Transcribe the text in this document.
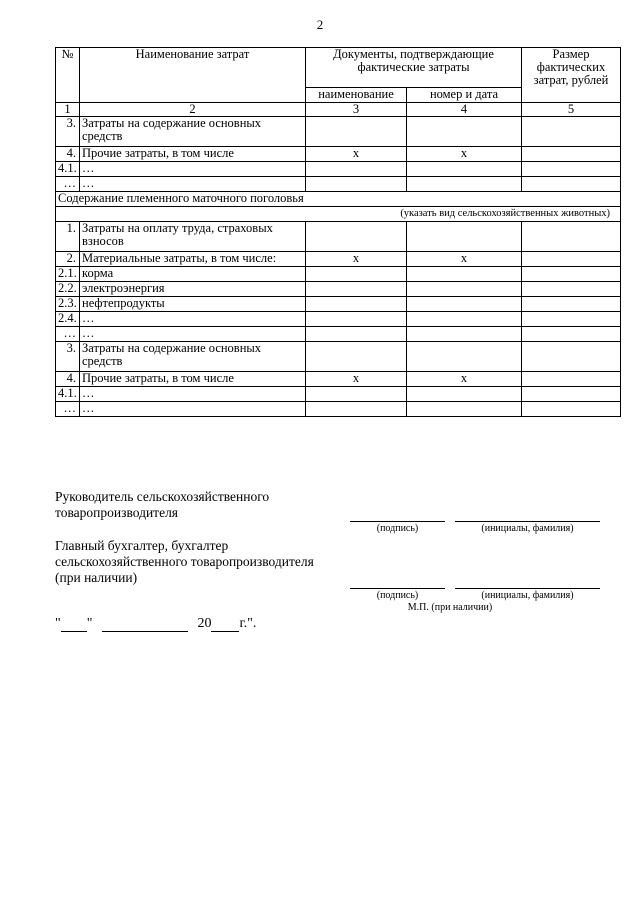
2
№	Наименование затрат	Документы, подтверждающие фактические затраты		Размер фактических затрат, рублей
		наименование	номер и дата	
1	2	3	4	5
3.	Затраты на содержание основных средств			
4.	Прочие затраты, в том числе	х	х	
4.1.	…			
…	…			
Содержание племенного маточного поголовья				
(указать вид сельскохозяйственных животных)				
1.	Затраты на оплату труда, страховых взносов			
2.	Материальные затраты, в том числе:	х	х	
2.1.	корма			
2.2.	электроэнергия			
2.3.	нефтепродукты			
2.4.	…			
…	…			
3.	Затраты на содержание основных средств			
4.	Прочие затраты, в том числе	х	х	
4.1.	…			
…	…			
Руководитель сельскохозяйственного
товаропроизводителя
(подпись)	(инициалы, фамилия)
Главный бухгалтер, бухгалтер
сельскохозяйственного товаропроизводителя
(при наличии)
(подпись)	(инициалы, фамилия)
М.П. (при наличии)
" "	20 г.".
